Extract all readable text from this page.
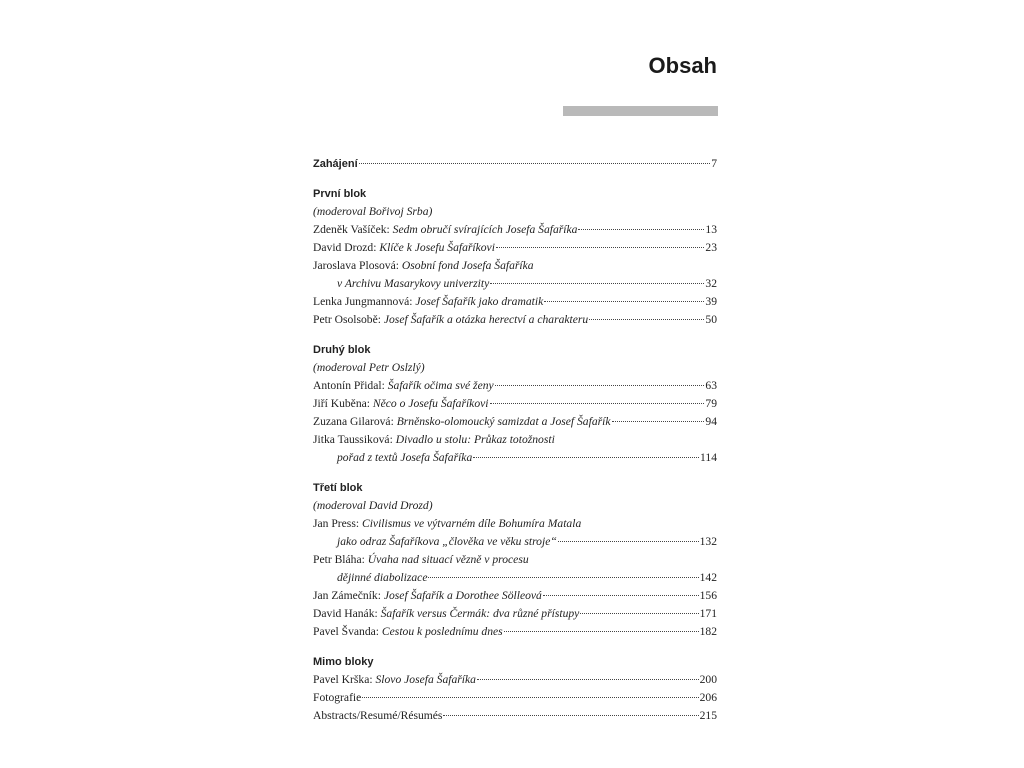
Obsah
Zahájení	7
První blok
(moderoval Bořivoj Srba)
Zdeněk Vašíček: Sedm obručí svírajících Josefa Šafaříka	13
David Drozd: Klíče k Josefu Šafaříkovi	23
Jaroslava Plosová: Osobní fond Josefa Šafaříka
v Archivu Masarykovy univerzity	32
Lenka Jungmannová: Josef Šafařík jako dramatik	39
Petr Osolsobě: Josef Šafařík a otázka herectví a charakteru	50
Druhý blok
(moderoval Petr Oslzlý)
Antonín Přidal: Šafařík očima své ženy	63
Jiří Kuběna: Něco o Josefu Šafaříkovi	79
Zuzana Gilarová: Brněnsko-olomoucký samizdat a Josef Šafařík	94
Jitka Taussiková: Divadlo u stolu: Průkaz totožnosti
pořad z textů Josefa Šafaříka	114
Třetí blok
(moderoval David Drozd)
Jan Press: Civilismus ve výtvarném díle Bohumíra Matala
jako odraz Šafaříkova „člověka ve věku stroje“	132
Petr Bláha: Úvaha nad situací vězně v procesu
dějinné diabolizace	142
Jan Zámečník: Josef Šafařík a Dorothee Sölleová	156
David Hanák: Šafařík versus Čermák: dva různé přístupy	171
Pavel Švanda: Cestou k poslednímu dnes	182
Mimo bloky
Pavel Krška: Slovo Josefa Šafaříka	200
Fotografie	206
Abstracts/Resumé/Résumés	215
